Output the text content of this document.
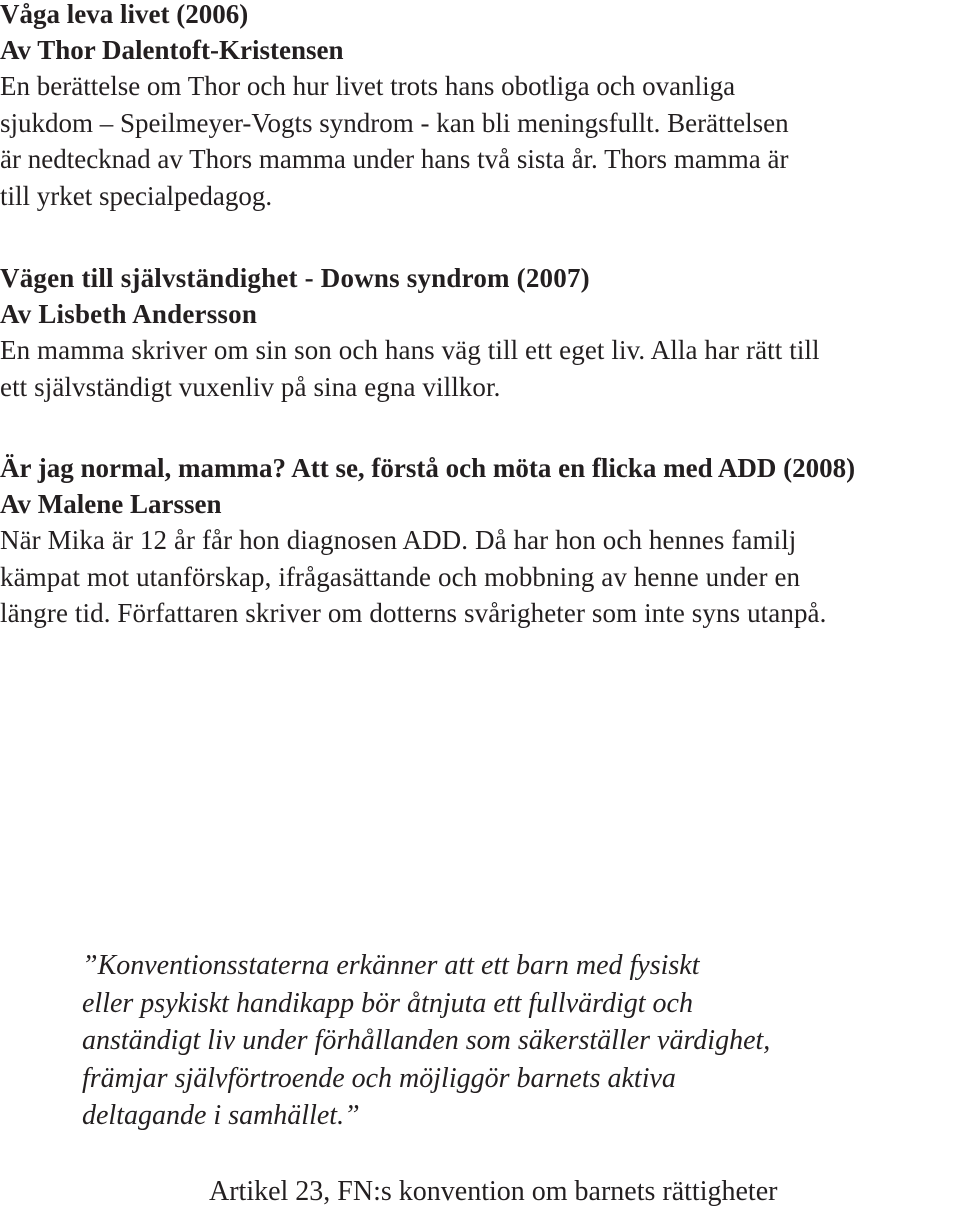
Våga leva livet (2006)

Av Thor Dalentoft-Kristensen

En berättelse om Thor och hur livet trots hans obotliga och ovanliga
sjukdom – Speilmeyer-Vogts syndrom - kan bli meningsfullt. Berättelsen
är nedtecknad av Thors mamma under hans två sista år. Thors mamma är
till yrket specialpedagog.

Vägen till självständighet - Downs syndrom (2007)

Av Lisbeth Andersson

En mamma skriver om sin son och hans väg till ett eget liv. Alla har rätt till
ett självständigt vuxenliv på sina egna villkor.

Är jag normal, mamma? Att se, förstå och möta en flicka med ADD (2008)

Av Malene Larssen

När Mika är 12 år får hon diagnosen ADD. Då har hon och hennes familj
kämpat mot utanförskap, ifrågasättande och mobbning av henne under en
längre tid. Författaren skriver om dotterns svårigheter som inte syns utanpå.

”Konventionsstaterna erkänner att ett barn med fysiskt
eller psykiskt handikapp bör åtnjuta ett fullvärdigt och
anständigt liv under förhållanden som säkerställer värdighet,
främjar självförtroende och möjliggör barnets aktiva
deltagande i samhället.”

Artikel 23, FN:s konvention om barnets rättigheter
